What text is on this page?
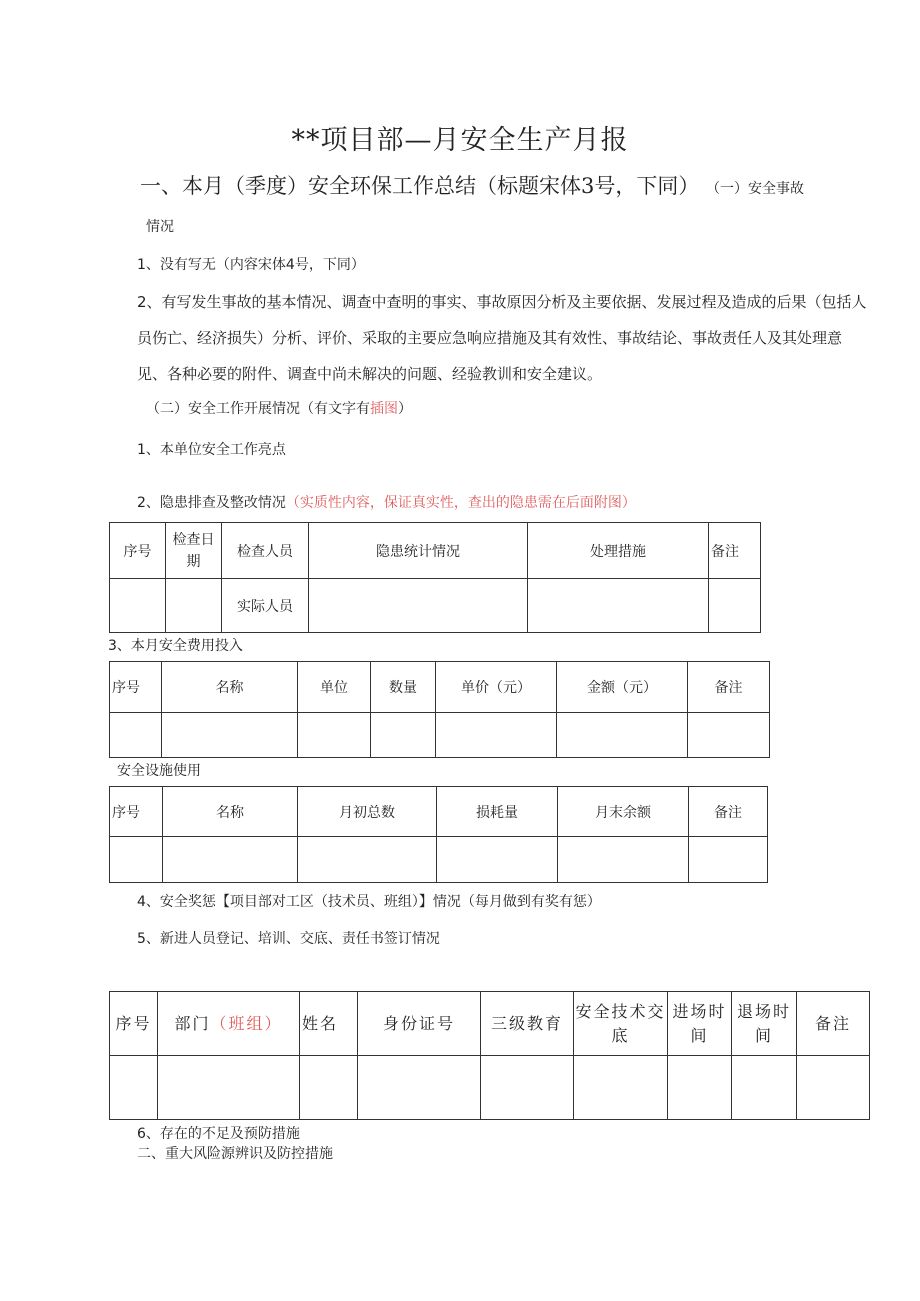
**项目部—月安全生产月报
一、本月（季度）安全环保工作总结（标题宋体3号，下同） （一）安全事故
情况
1、没有写无（内容宋体4号，下同）
2、有写发生事故的基本情况、调查中查明的事实、事故原因分析及主要依据、发展过程及造成的后果（包括人员伤亡、经济损失）分析、评价、采取的主要应急响应措施及其有效性、事故结论、事故责任人及其处理意见、各种必要的附件、调查中尚未解决的问题、经验教训和安全建议。
（二）安全工作开展情况（有文字有插图）
1、本单位安全工作亮点
2、隐患排查及整改情况（实质性内容，保证真实性，查出的隐患需在后面附图）
序号	检查日期	检查人员	隐患统计情况	处理措施	备注
		实际人员			
3、本月安全费用投入
序号	名称	单位	数量	单价（元）	金额（元）	备注

安全设施使用
序号	名称	月初总数	损耗量	月末余额	备注

4、安全奖惩【项目部对工区（技术员、班组）】情况（每月做到有奖有惩）
5、新进人员登记、培训、交底、责任书签订情况
序号	部门（班组）	姓名	身份证号	三级教育	安全技术交底	进场时间	退场时间	备注

6、存在的不足及预防措施
二、重大风险源辨识及防控措施
